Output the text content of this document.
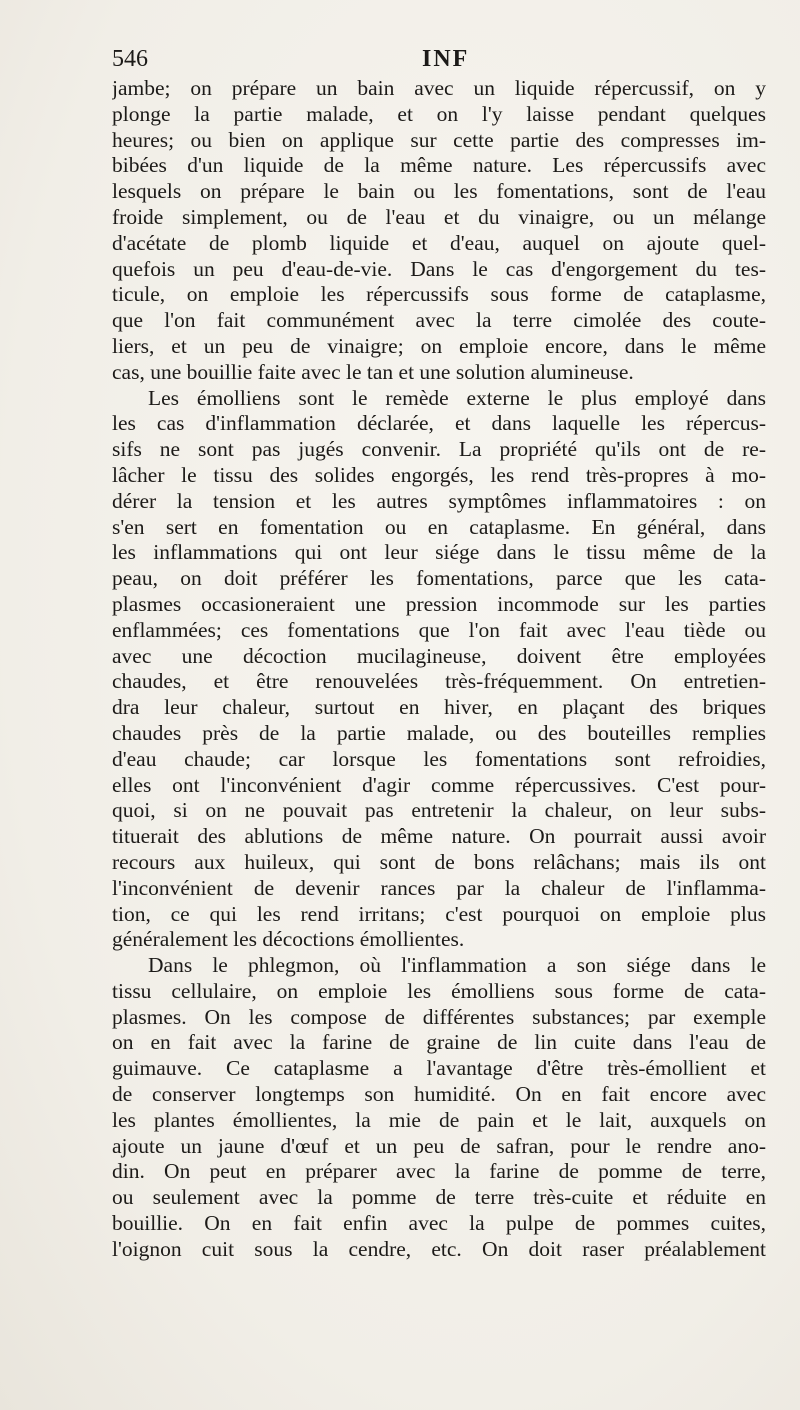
546	INF
jambe; on prépare un bain avec un liquide répercussif, on y
plonge la partie malade, et on l'y laisse pendant quelques
heures; ou bien on applique sur cette partie des compresses im-
bibées d'un liquide de la même nature. Les répercussifs avec
lesquels on prépare le bain ou les fomentations, sont de l'eau
froide simplement, ou de l'eau et du vinaigre, ou un mélange
d'acétate de plomb liquide et d'eau, auquel on ajoute quel-
quefois un peu d'eau-de-vie. Dans le cas d'engorgement du tes-
ticule, on emploie les répercussifs sous forme de cataplasme,
que l'on fait communément avec la terre cimolée des coute-
liers, et un peu de vinaigre; on emploie encore, dans le même
cas, une bouillie faite avec le tan et une solution alumineuse.
Les émolliens sont le remède externe le plus employé dans
les cas d'inflammation déclarée, et dans laquelle les répercus-
sifs ne sont pas jugés convenir. La propriété qu'ils ont de re-
lâcher le tissu des solides engorgés, les rend très-propres à mo-
dérer la tension et les autres symptômes inflammatoires : on
s'en sert en fomentation ou en cataplasme. En général, dans
les inflammations qui ont leur siége dans le tissu même de la
peau, on doit préférer les fomentations, parce que les cata-
plasmes occasioneraient une pression incommode sur les parties
enflammées; ces fomentations que l'on fait avec l'eau tiède ou
avec une décoction mucilagineuse, doivent être employées
chaudes, et être renouvelées très-fréquemment. On entretien-
dra leur chaleur, surtout en hiver, en plaçant des briques
chaudes près de la partie malade, ou des bouteilles remplies
d'eau chaude; car lorsque les fomentations sont refroidies,
elles ont l'inconvénient d'agir comme répercussives. C'est pour-
quoi, si on ne pouvait pas entretenir la chaleur, on leur subs-
tituerait des ablutions de même nature. On pourrait aussi avoir
recours aux huileux, qui sont de bons relâchans; mais ils ont
l'inconvénient de devenir rances par la chaleur de l'inflamma-
tion, ce qui les rend irritans; c'est pourquoi on emploie plus
généralement les décoctions émollientes.
Dans le phlegmon, où l'inflammation a son siége dans le
tissu cellulaire, on emploie les émolliens sous forme de cata-
plasmes. On les compose de différentes substances; par exemple
on en fait avec la farine de graine de lin cuite dans l'eau de
guimauve. Ce cataplasme a l'avantage d'être très-émollient et
de conserver longtemps son humidité. On en fait encore avec
les plantes émollientes, la mie de pain et le lait, auxquels on
ajoute un jaune d'œuf et un peu de safran, pour le rendre ano-
din. On peut en préparer avec la farine de pomme de terre,
ou seulement avec la pomme de terre très-cuite et réduite en
bouillie. On en fait enfin avec la pulpe de pommes cuites,
l'oignon cuit sous la cendre, etc. On doit raser préalablement
